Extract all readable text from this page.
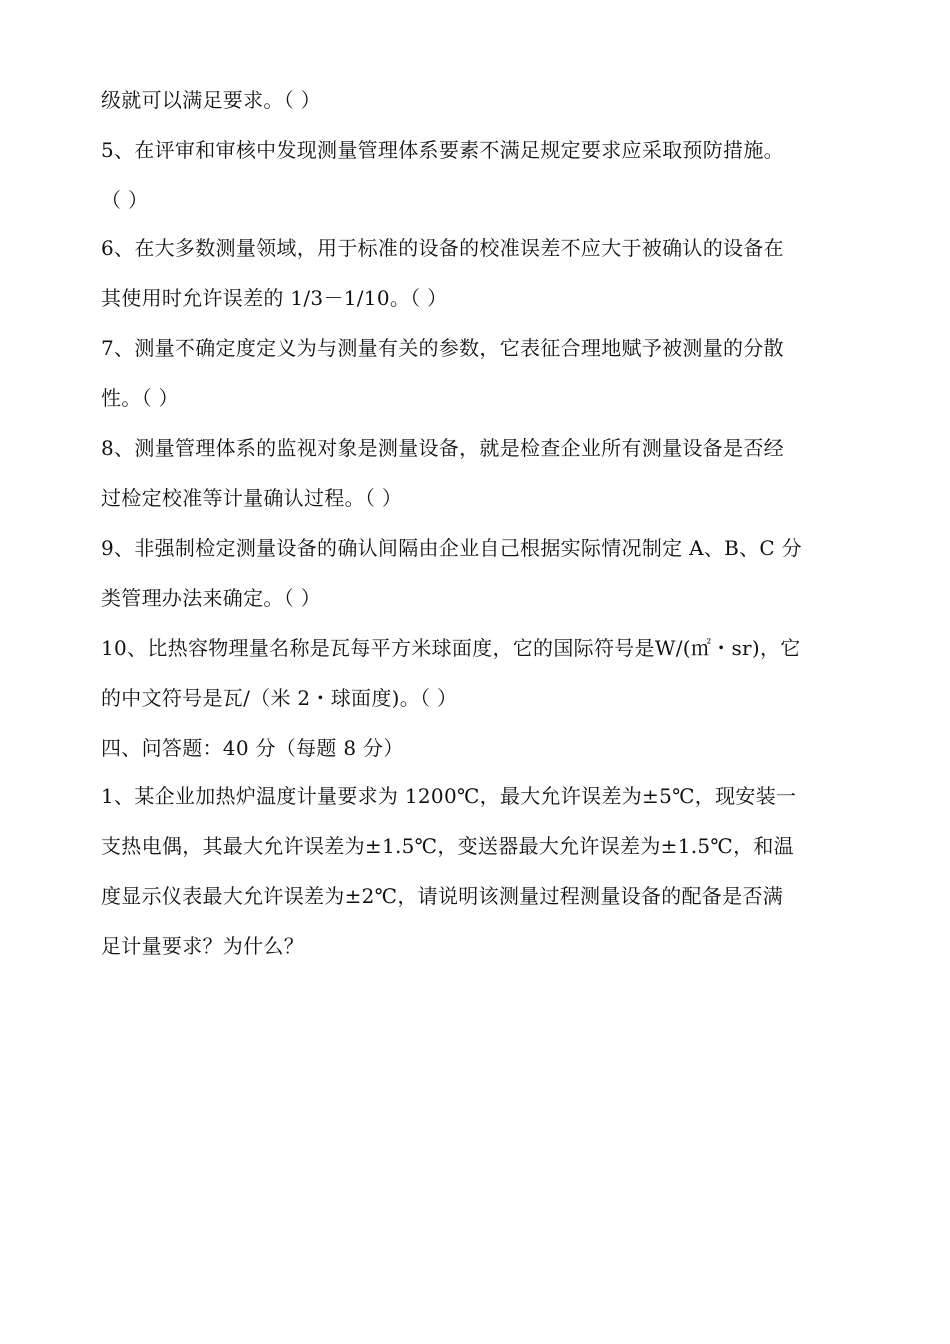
级就可以满足要求。（ ）
5、在评审和审核中发现测量管理体系要素不满足规定要求应采取预防措施。
（ ）
6、在大多数测量领域，用于标准的设备的校准误差不应大于被确认的设备在
其使用时允许误差的 1/3－1/10。（ ）
7、测量不确定度定义为与测量有关的参数，它表征合理地赋予被测量的分散
性。（ ）
8、测量管理体系的监视对象是测量设备，就是检查企业所有测量设备是否经
过检定校准等计量确认过程。（ ）
9、非强制检定测量设备的确认间隔由企业自己根据实际情况制定 A、B、C 分
类管理办法来确定。（ ）
10、比热容物理量名称是瓦每平方米球面度，它的国际符号是W/(㎡・sr)，它
的中文符号是瓦/（米 2・球面度)。（ ）
四、问答题：40 分（每题 8 分）
1、某企业加热炉温度计量要求为 1200℃，最大允许误差为±5℃，现安装一
支热电偶，其最大允许误差为±1.5℃，变送器最大允许误差为±1.5℃，和温
度显示仪表最大允许误差为±2℃，请说明该测量过程测量设备的配备是否满
足计量要求？为什么？
